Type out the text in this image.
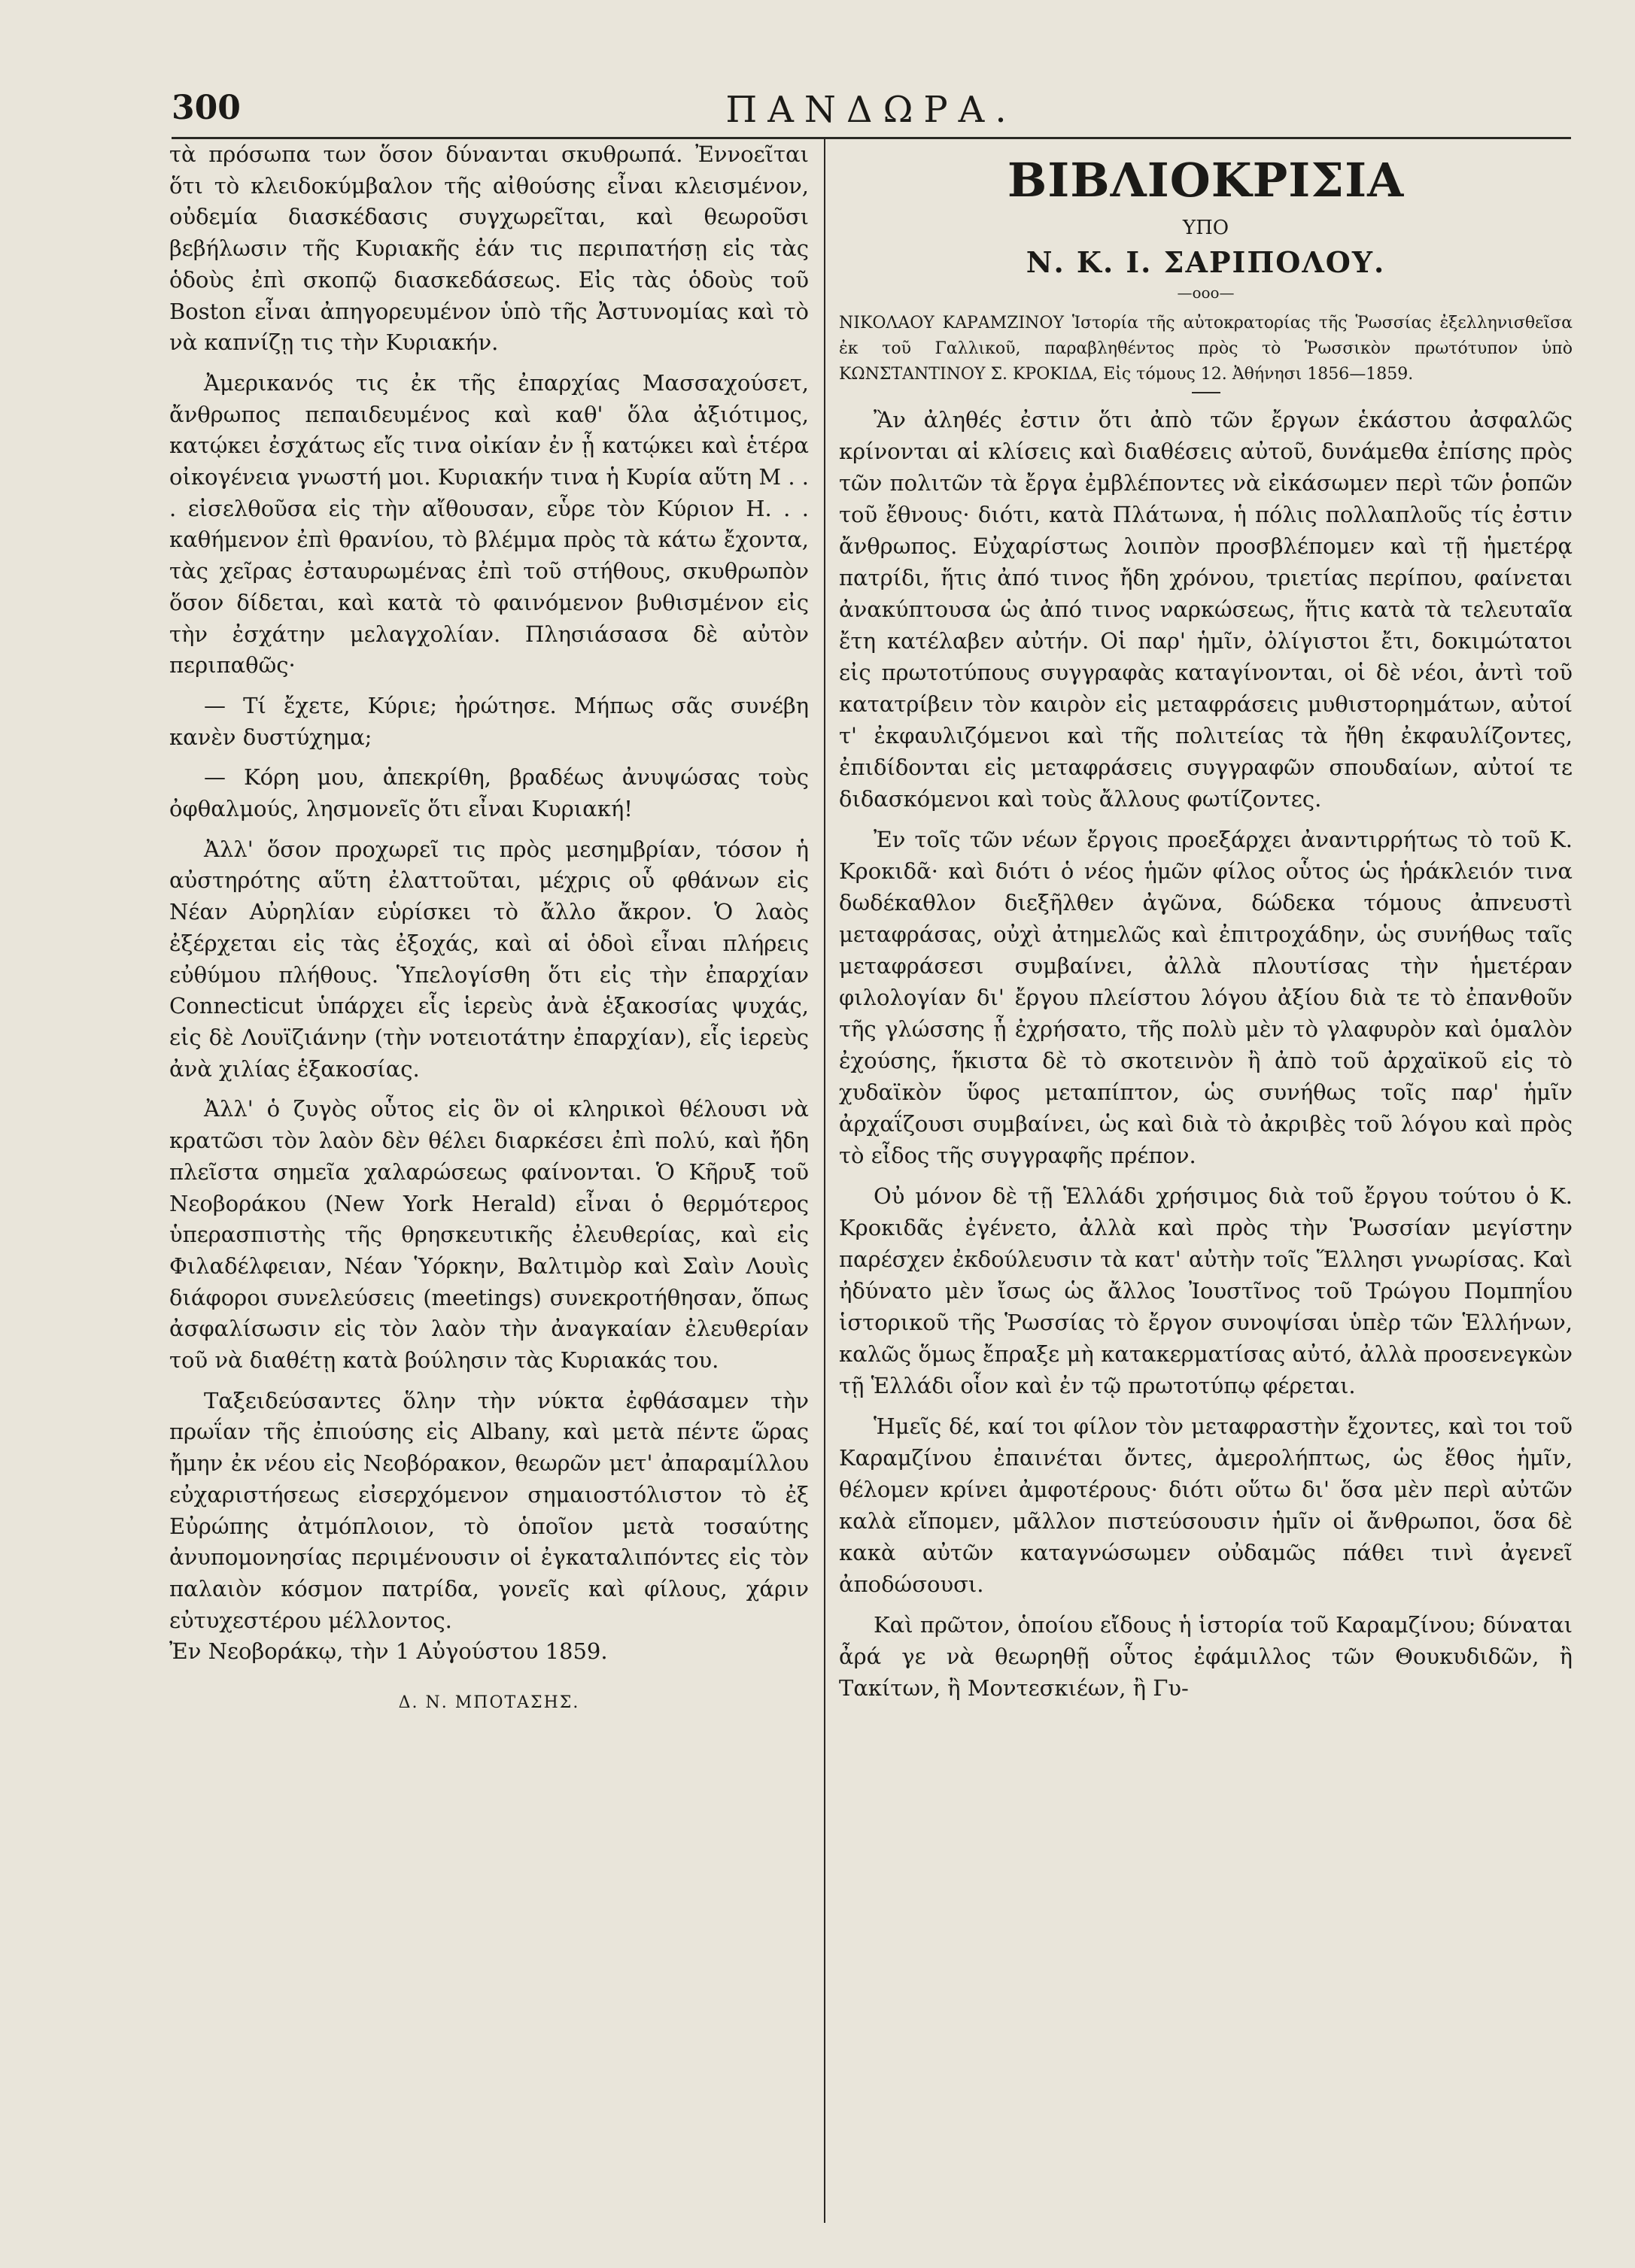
ΠΑΝΔΩΡΑ.
300

τὰ πρόσωπα των ὅσον δύνανται σκυθρωπά. Ἐννοεῖται ὅτι τὸ κλειδοκύμβαλον τῆς αἰθούσης εἶναι κλεισμένον, οὐδεμία διασκέδασις συγχωρεῖται, καὶ θεωροῦσι βεβήλωσιν τῆς Κυριακῆς ἐάν τις περιπατήσῃ εἰς τὰς ὁδοὺς ἐπὶ σκοπῷ διασκεδάσεως. Εἰς τὰς ὁδοὺς τοῦ Boston εἶναι ἀπηγορευμένον ὑπὸ τῆς Ἀστυνομίας καὶ τὸ νὰ καπνίζῃ τις τὴν Κυριακήν.

Ἀμερικανός τις ἐκ τῆς ἐπαρχίας Μασσαχούσετ, ἄνθρωπος πεπαιδευμένος καὶ καθ' ὅλα ἀξιότιμος, κατῴκει ἐσχάτως εἴς τινα οἰκίαν ἐν ᾗ κατῴκει καὶ ἑτέρα οἰκογένεια γνωστή μοι. Κυριακήν τινα ἡ Κυρία αὕτη Μ . . . εἰσελθοῦσα εἰς τὴν αἴθουσαν, εὗρε τὸν Κύριον Η. . . καθήμενον ἐπὶ θρανίου, τὸ βλέμμα πρὸς τὰ κάτω ἔχοντα, τὰς χεῖρας ἐσταυρωμένας ἐπὶ τοῦ στήθους, σκυθρωπὸν ὅσον δίδεται, καὶ κατὰ τὸ φαινόμενον βυθισμένον εἰς τὴν ἐσχάτην μελαγχολίαν. Πλησιάσασα δὲ αὐτὸν περιπαθῶς·

— Τί ἔχετε, Κύριε; ἠρώτησε. Μήπως σᾶς συνέβη κανὲν δυστύχημα;

— Κόρη μου, ἀπεκρίθη, βραδέως ἀνυψώσας τοὺς ὀφθαλμούς, λησμονεῖς ὅτι εἶναι Κυριακή!

Ἀλλ' ὅσον προχωρεῖ τις πρὸς μεσημβρίαν, τόσον ἡ αὐστηρότης αὕτη ἐλαττοῦται, μέχρις οὗ φθάνων εἰς Νέαν Αὐρηλίαν εὑρίσκει τὸ ἄλλο ἄκρον. Ὁ λαὸς ἐξέρχεται εἰς τὰς ἐξοχάς, καὶ αἱ ὁδοὶ εἶναι πλήρεις εὐθύμου πλήθους. Ὑπελογίσθη ὅτι εἰς τὴν ἐπαρχίαν Connecticut ὑπάρχει εἷς ἱερεὺς ἀνὰ ἑξακοσίας ψυχάς, εἰς δὲ Λουϊζιάνην (τὴν νοτειοτάτην ἐπαρχίαν), εἷς ἱερεὺς ἀνὰ χιλίας ἑξακοσίας.

Ἀλλ' ὁ ζυγὸς οὗτος εἰς ὃν οἱ κληρικοὶ θέλουσι νὰ κρατῶσι τὸν λαὸν δὲν θέλει διαρκέσει ἐπὶ πολύ, καὶ ἤδη πλεῖστα σημεῖα χαλαρώσεως φαίνονται. Ὁ Κῆρυξ τοῦ Νεοβοράκου (New York Herald) εἶναι ὁ θερμότερος ὑπερασπιστὴς τῆς θρησκευτικῆς ἐλευθερίας, καὶ εἰς Φιλαδέλφειαν, Νέαν Ὑόρκην, Βαλτιμὸρ καὶ Σαὶν Λουὶς διάφοροι συνελεύσεις (meetings) συνεκροτήθησαν, ὅπως ἀσφαλίσωσιν εἰς τὸν λαὸν τὴν ἀναγκαίαν ἐλευθερίαν τοῦ νὰ διαθέτῃ κατὰ βούλησιν τὰς Κυριακάς του.

Ταξειδεύσαντες ὅλην τὴν νύκτα ἐφθάσαμεν τὴν πρωΐαν τῆς ἐπιούσης εἰς Albany, καὶ μετὰ πέντε ὥρας ἤμην ἐκ νέου εἰς Νεοβόρακον, θεωρῶν μετ' ἀπαραμίλλου εὐχαριστήσεως εἰσερχόμενον σημαιοστόλιστον τὸ ἐξ Εὐρώπης ἀτμόπλοιον, τὸ ὁποῖον μετὰ τοσαύτης ἀνυπομονησίας περιμένουσιν οἱ ἐγκαταλιπόντες εἰς τὸν παλαιὸν κόσμον πατρίδα, γονεῖς καὶ φίλους, χάριν εὐτυχεστέρου μέλλοντος.

Ἐν Νεοβοράκῳ, τὴν 1 Αὐγούστου 1859.

Δ. Ν. ΜΠΟΤΑΣΗΣ.
ΒΙΒΛΙΟΚΡΙΣΙΑ
ΥΠΟ
Ν. Κ. Ι. ΣΑΡΙΠΟΛΟΥ.
—οοο—
ΝΙΚΟΛΑΟΥ ΚΑΡΑΜΖΙΝΟΥ Ἱστορία τῆς αὐτοκρατορίας τῆς Ῥωσσίας ἐξελληνισθεῖσα ἐκ τοῦ Γαλλικοῦ, παραβληθέντος πρὸς τὸ Ῥωσσικὸν πρωτότυπον ὑπὸ ΚΩΝΣΤΑΝΤΙΝΟΥ Σ. ΚΡΟΚΙΔΑ, Εἰς τόμους 12. Ἀθήνησι 1856—1859.

Ἂν ἀληθές ἐστιν ὅτι ἀπὸ τῶν ἔργων ἑκάστου ἀσφαλῶς κρίνονται αἱ κλίσεις καὶ διαθέσεις αὐτοῦ, δυνάμεθα ἐπίσης πρὸς τῶν πολιτῶν τὰ ἔργα ἐμβλέποντες νὰ εἰκάσωμεν περὶ τῶν ῥοπῶν τοῦ ἔθνους· διότι, κατὰ Πλάτωνα, ἡ πόλις πολλαπλοῦς τίς ἐστιν ἄνθρωπος. Εὐχαρίστως λοιπὸν προσβλέπομεν καὶ τῇ ἡμετέρᾳ πατρίδι, ἥτις ἀπό τινος ἤδη χρόνου, τριετίας περίπου, φαίνεται ἀνακύπτουσα ὡς ἀπό τινος ναρκώσεως, ἥτις κατὰ τὰ τελευταῖα ἔτη κατέλαβεν αὐτήν. Οἱ παρ' ἡμῖν, ὀλίγιστοι ἔτι, δοκιμώτατοι εἰς πρωτοτύπους συγγραφὰς καταγίνονται, οἱ δὲ νέοι, ἀντὶ τοῦ κατατρίβειν τὸν καιρὸν εἰς μεταφράσεις μυθιστορημάτων, αὐτοί τ' ἐκφαυλιζόμενοι καὶ τῆς πολιτείας τὰ ἤθη ἐκφαυλίζοντες, ἐπιδίδονται εἰς μεταφράσεις συγγραφῶν σπουδαίων, αὐτοί τε διδασκόμενοι καὶ τοὺς ἄλλους φωτίζοντες.

Ἐν τοῖς τῶν νέων ἔργοις προεξάρχει ἀναντιρρήτως τὸ τοῦ Κ. Κροκιδᾶ· καὶ διότι ὁ νέος ἡμῶν φίλος οὗτος ὡς ἡράκλειόν τινα δωδέκαθλον διεξῆλθεν ἀγῶνα, δώδεκα τόμους ἀπνευστὶ μεταφράσας, οὐχὶ ἀτημελῶς καὶ ἐπιτροχάδην, ὡς συνήθως ταῖς μεταφράσεσι συμβαίνει, ἀλλὰ πλουτίσας τὴν ἡμετέραν φιλολογίαν δι' ἔργου πλείστου λόγου ἀξίου διὰ τε τὸ ἐπανθοῦν τῆς γλώσσης ᾗ ἐχρήσατο, τῆς πολὺ μὲν τὸ γλαφυρὸν καὶ ὁμαλὸν ἐχούσης, ἥκιστα δὲ τὸ σκοτεινὸν ἢ ἀπὸ τοῦ ἀρχαϊκοῦ εἰς τὸ χυδαϊκὸν ὕφος μεταπίπτον, ὡς συνήθως τοῖς παρ' ἡμῖν ἀρχαΐζουσι συμβαίνει, ὡς καὶ διὰ τὸ ἀκριβὲς τοῦ λόγου καὶ πρὸς τὸ εἶδος τῆς συγγραφῆς πρέπον.

Οὐ μόνον δὲ τῇ Ἑλλάδι χρήσιμος διὰ τοῦ ἔργου τούτου ὁ Κ. Κροκιδᾶς ἐγένετο, ἀλλὰ καὶ πρὸς τὴν Ῥωσσίαν μεγίστην παρέσχεν ἐκδούλευσιν τὰ κατ' αὐτὴν τοῖς Ἕλλησι γνωρίσας. Καὶ ἠδύνατο μὲν ἴσως ὡς ἄλλος Ἰουστῖνος τοῦ Τρώγου Πομπηΐου ἱστορικοῦ τῆς Ῥωσσίας τὸ ἔργον συνοψίσαι ὑπὲρ τῶν Ἑλλήνων, καλῶς ὅμως ἔπραξε μὴ κατακερματίσας αὐτό, ἀλλὰ προσενεγκὼν τῇ Ἑλλάδι οἷον καὶ ἐν τῷ πρωτοτύπῳ φέρεται.

Ἡμεῖς δέ, καί τοι φίλον τὸν μεταφραστὴν ἔχοντες, καὶ τοι τοῦ Καραμζίνου ἐπαινέται ὄντες, ἀμερολήπτως, ὡς ἔθος ἡμῖν, θέλομεν κρίνει ἀμφοτέρους· διότι οὕτω δι' ὅσα μὲν περὶ αὐτῶν καλὰ εἴπομεν, μᾶλλον πιστεύσουσιν ἡμῖν οἱ ἄνθρωποι, ὅσα δὲ κακὰ αὐτῶν καταγνώσωμεν οὐδαμῶς πάθει τινὶ ἀγενεῖ ἀποδώσουσι.

Καὶ πρῶτον, ὁποίου εἴδους ἡ ἱστορία τοῦ Καραμζίνου; δύναται ἆρά γε νὰ θεωρηθῇ οὗτος ἐφάμιλλος τῶν Θουκυδιδῶν, ἢ Τακίτων, ἢ Μοντεσκιέων, ἢ Γυ-
